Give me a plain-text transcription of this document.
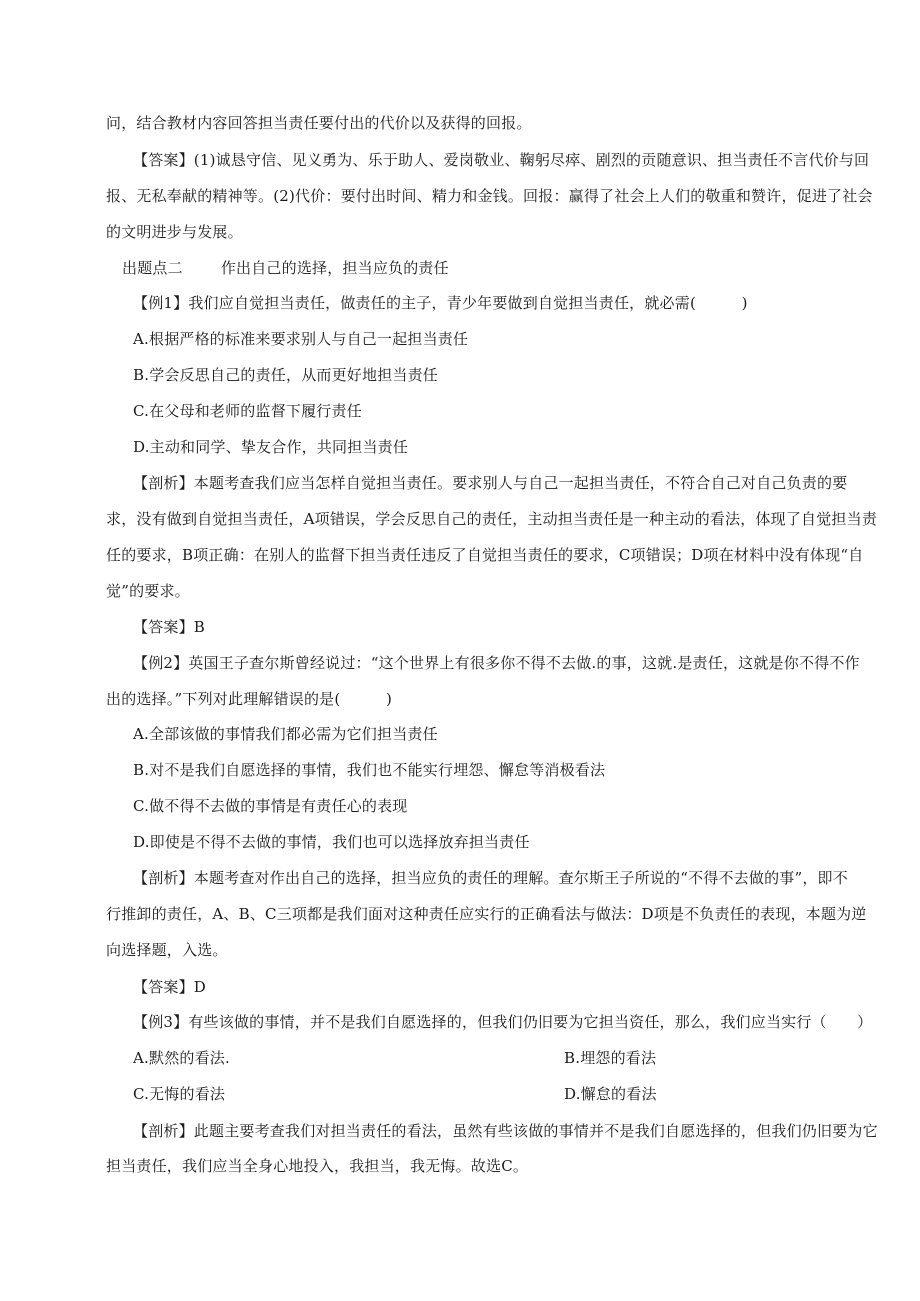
问，结合教材内容回答担当责任要付出的代价以及获得的回报。
【答案】(1)诚恳守信、见义勇为、乐于助人、爱岗敬业、鞠躬尽瘁、剧烈的贡随意识、担当责任不言代价与回
报、无私奉献的精神等。(2)代价：要付出时间、精力和金钱。回报：赢得了社会上人们的敬重和赞许，促进了社会
的文明进步与发展。
出题点二	作出自己的选择，担当应负的责任
【例1】我们应自觉担当责任，做责任的主子，青少年要做到自觉担当责任，就必需(　　　)
A.根据严格的标准来要求别人与自己一起担当责任
B.学会反思自己的责任，从而更好地担当责任
C.在父母和老师的监督下履行责任
D.主动和同学、挚友合作，共同担当责任
【剖析】本题考查我们应当怎样自觉担当责任。要求别人与自己一起担当责任，不符合自己对自己负责的要
求，没有做到自觉担当责任，A项错误，学会反思自己的责任，主动担当责任是一种主动的看法，体现了自觉担当责
任的要求，B项正确：在别人的监督下担当责任违反了自觉担当责任的要求，C项错误；D项在材料中没有体现“自
觉”的要求。
【答案】B
【例2】英国王子查尔斯曾经说过：“这个世界上有很多你不得不去做.的事，这就.是责任，这就是你不得不作
出的选择。”下列对此理解错误的是(　　　)
A.全部该做的事情我们都必需为它们担当责任
B.对不是我们自愿选择的事情，我们也不能实行埋怨、懈怠等消极看法
C.做不得不去做的事情是有责任心的表现
D.即使是不得不去做的事情，我们也可以选择放弃担当责任
【剖析】本题考查对作出自己的选择，担当应负的责任的理解。查尔斯王子所说的“不得不去做的事”，即不
行推卸的责任，A、B、C三项都是我们面对这种责任应实行的正确看法与做法：D项是不负责任的表现，本题为逆
向选择题，入选。
【答案】D
【例3】有些该做的事情，并不是我们自愿选择的，但我们仍旧要为它担当资任，那么，我们应当实行（　　）
A.默然的看法.	B.埋怨的看法
C.无悔的看法	D.懈怠的看法
【剖析】此题主要考查我们对担当责任的看法，虽然有些该做的事情并不是我们自愿选择的，但我们仍旧要为它
担当责任，我们应当全身心地投入，我担当，我无悔。故选C。
